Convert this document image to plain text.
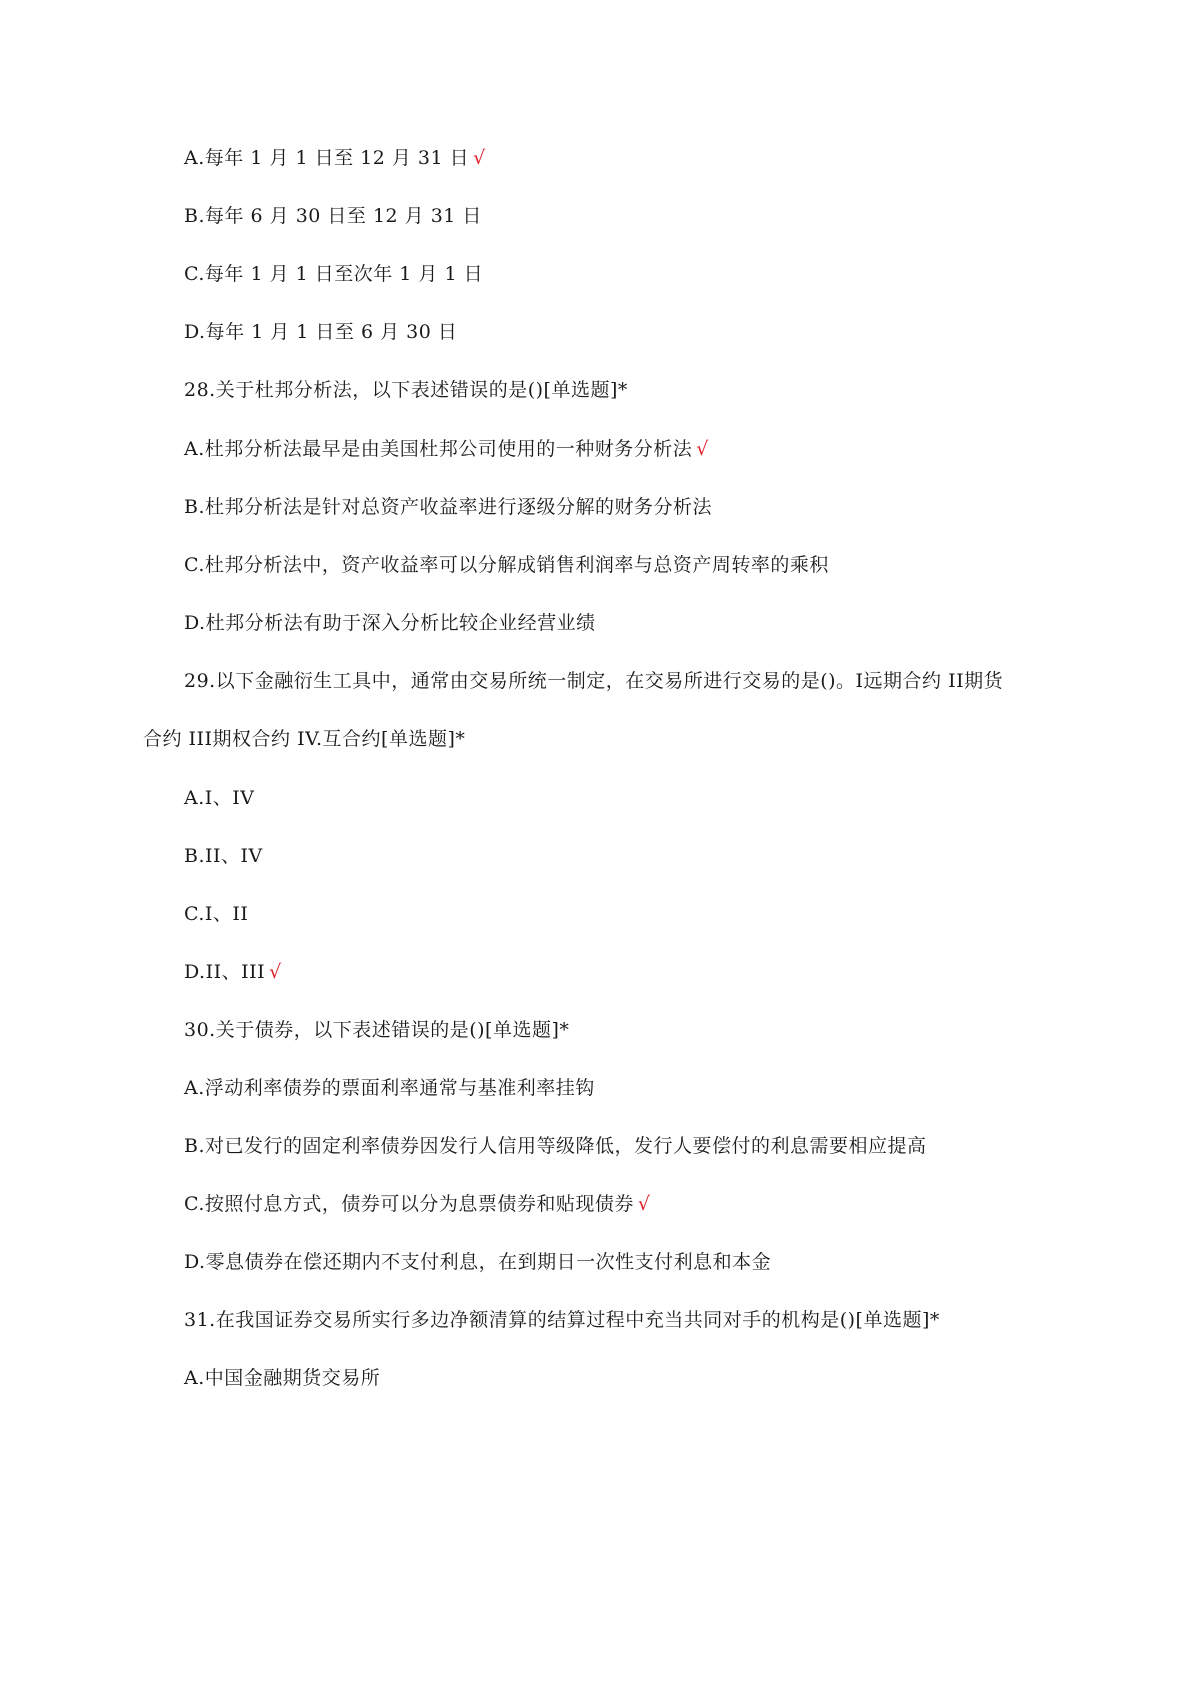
A.每年 1 月 1 日至 12 月 31 日 √
B.每年 6 月 30 日至 12 月 31 日
C.每年 1 月 1 日至次年 1 月 1 日
D.每年 1 月 1 日至 6 月 30 日
28.关于杜邦分析法，以下表述错误的是()[单选题]*
A.杜邦分析法最早是由美国杜邦公司使用的一种财务分析法 √
B.杜邦分析法是针对总资产收益率进行逐级分解的财务分析法
C.杜邦分析法中，资产收益率可以分解成销售利润率与总资产周转率的乘积
D.杜邦分析法有助于深入分析比较企业经营业绩
29.以下金融衍生工具中，通常由交易所统一制定，在交易所进行交易的是()。I远期合约 II期货
合约 III期权合约 IV.互合约[单选题]*
A.I、IV
B.II、IV
C.I、II
D.II、III √
30.关于债券，以下表述错误的是()[单选题]*
A.浮动利率债券的票面利率通常与基准利率挂钩
B.对已发行的固定利率债券因发行人信用等级降低，发行人要偿付的利息需要相应提高
C.按照付息方式，债券可以分为息票债券和贴现债券 √
D.零息债券在偿还期内不支付利息，在到期日一次性支付利息和本金
31.在我国证券交易所实行多边净额清算的结算过程中充当共同对手的机构是()[单选题]*
A.中国金融期货交易所
